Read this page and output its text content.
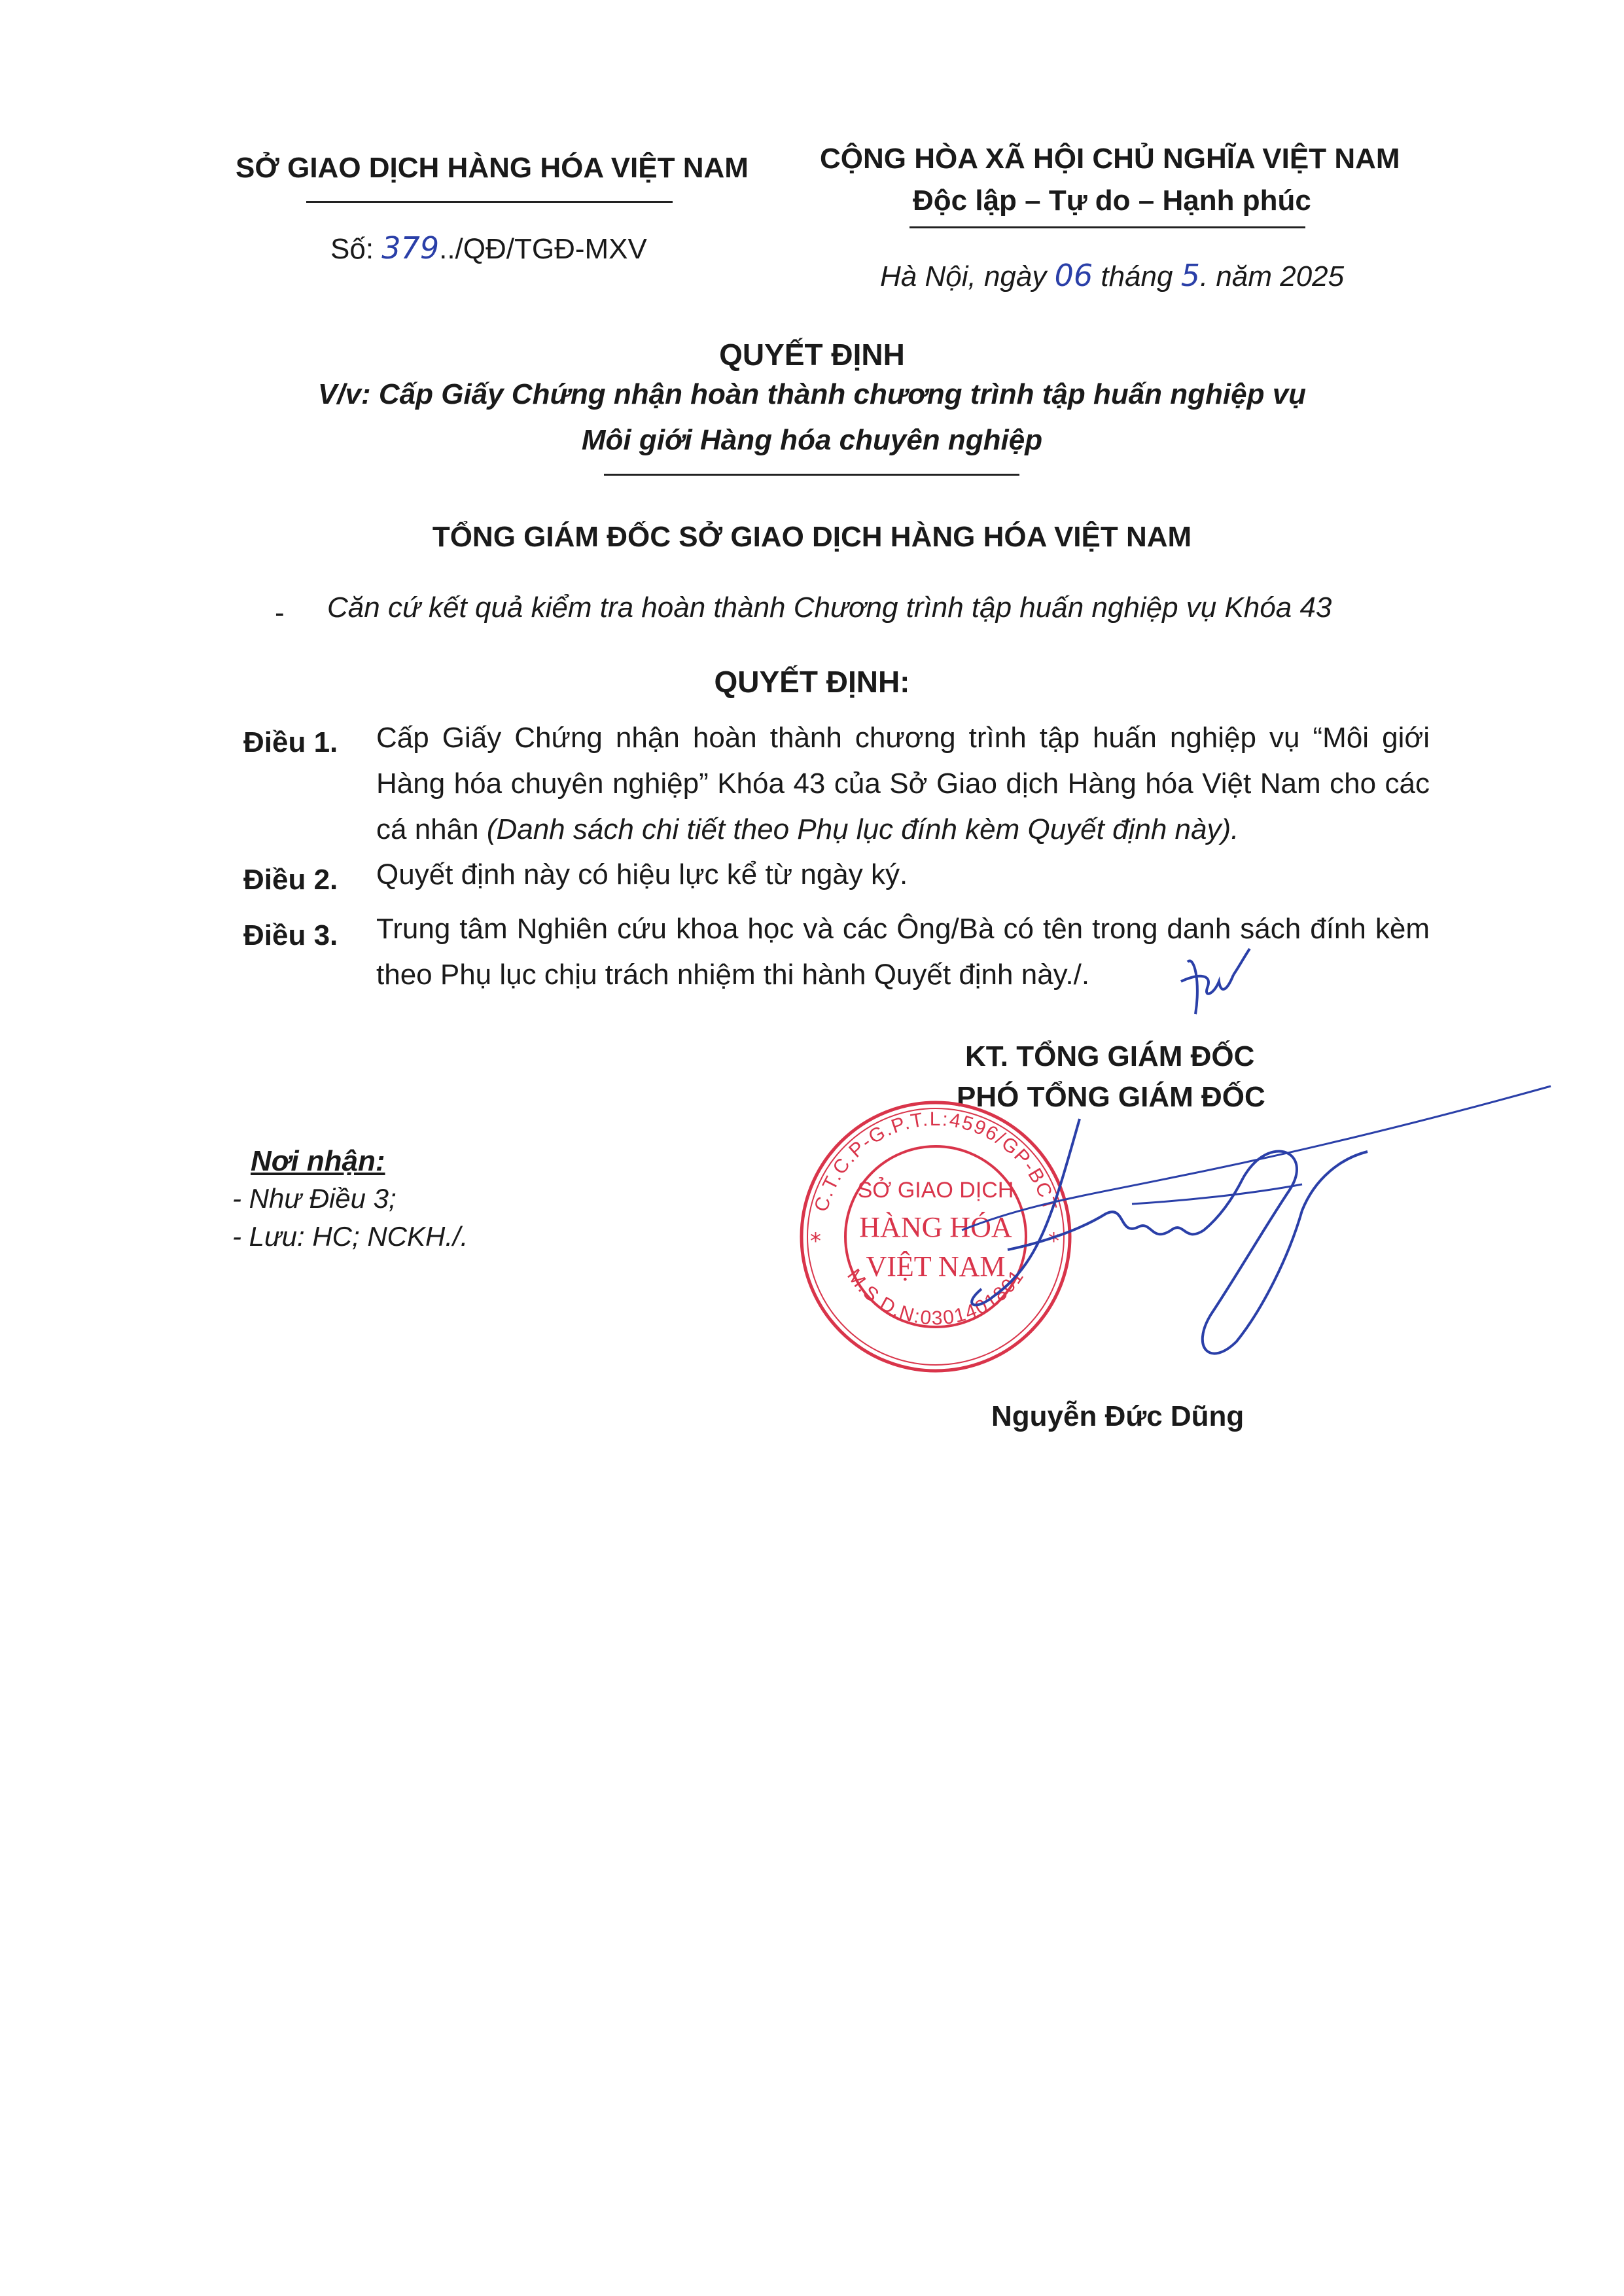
SỞ GIAO DỊCH HÀNG HÓA VIỆT NAM
Số: 379../QĐ/TGĐ-MXV
CỘNG HÒA XÃ HỘI CHỦ NGHĨA VIỆT NAM
Độc lập – Tự do – Hạnh phúc
Hà Nội, ngày 06 tháng 5. năm 2025
QUYẾT ĐỊNH
V/v: Cấp Giấy Chứng nhận hoàn thành chương trình tập huấn nghiệp vụ
Môi giới Hàng hóa chuyên nghiệp
TỔNG GIÁM ĐỐC SỞ GIAO DỊCH HÀNG HÓA VIỆT NAM
- Căn cứ kết quả kiểm tra hoàn thành Chương trình tập huấn nghiệp vụ Khóa 43
QUYẾT ĐỊNH:
Điều 1. Cấp Giấy Chứng nhận hoàn thành chương trình tập huấn nghiệp vụ “Môi giới Hàng hóa chuyên nghiệp” Khóa 43 của Sở Giao dịch Hàng hóa Việt Nam cho các cá nhân (Danh sách chi tiết theo Phụ lục đính kèm Quyết định này).
Điều 2. Quyết định này có hiệu lực kể từ ngày ký.
Điều 3. Trung tâm Nghiên cứu khoa học và các Ông/Bà có tên trong danh sách đính kèm theo Phụ lục chịu trách nhiệm thi hành Quyết định này./.
KT. TỔNG GIÁM ĐỐC
PHÓ TỔNG GIÁM ĐỐC
C.T.C.P-G.P.T.L:4596/GP-BCT
M.S.D.N:0301401801
*	*
SỞ GIAO DỊCH
HÀNG HÓA
VIỆT NAM
Nguyễn Đức Dũng
Nơi nhận:
- Như Điều 3;
- Lưu: HC; NCKH./.
